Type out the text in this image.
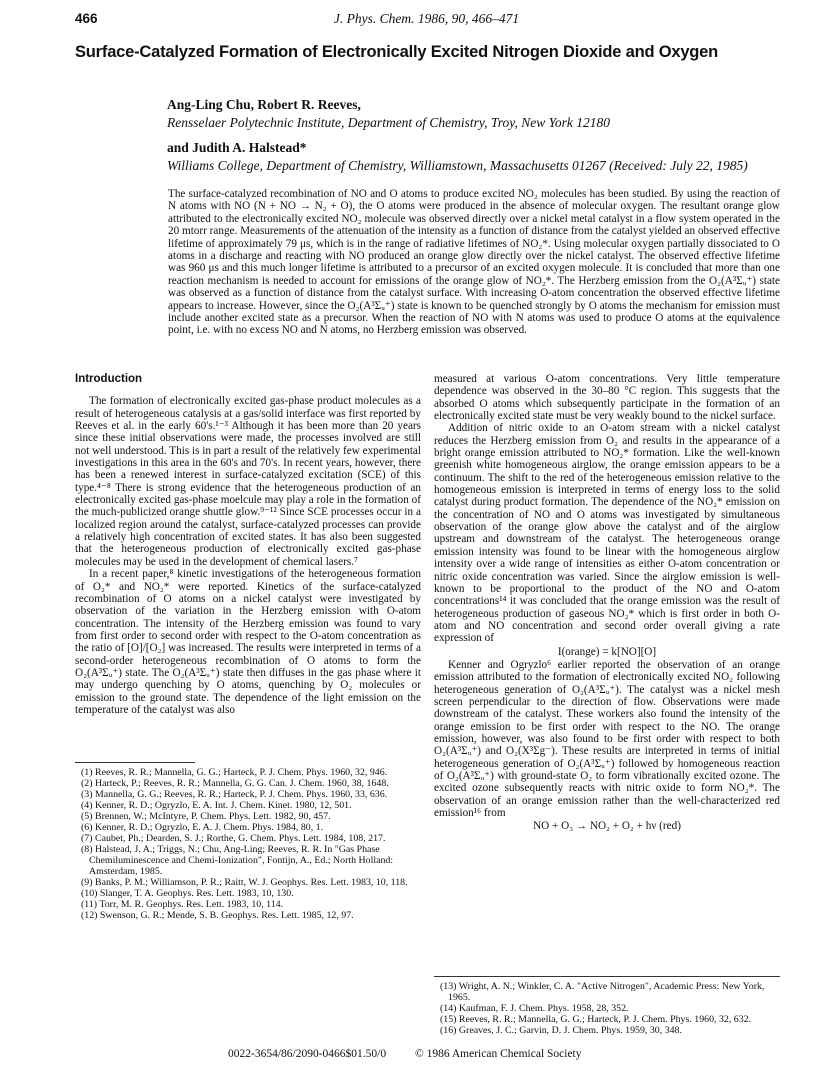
466	J. Phys. Chem. 1986, 90, 466–471
Surface-Catalyzed Formation of Electronically Excited Nitrogen Dioxide and Oxygen
Ang-Ling Chu, Robert R. Reeves,
Rensselaer Polytechnic Institute, Department of Chemistry, Troy, New York 12180
and Judith A. Halstead*
Williams College, Department of Chemistry, Williamstown, Massachusetts 01267 (Received: July 22, 1985)
The surface-catalyzed recombination of NO and O atoms to produce excited NO₂ molecules has been studied. By using the reaction of N atoms with NO (N + NO → N₂ + O), the O atoms were produced in the absence of molecular oxygen. The resultant orange glow attributed to the electronically excited NO₂ molecule was observed directly over a nickel metal catalyst in a flow system operated in the 20 mtorr range. Measurements of the attenuation of the intensity as a function of distance from the catalyst yielded an observed effective lifetime of approximately 79 μs, which is in the range of radiative lifetimes of NO₂*. Using molecular oxygen partially dissociated to O atoms in a discharge and reacting with NO produced an orange glow directly over the nickel catalyst. The observed effective lifetime was 960 μs and this much longer lifetime is attributed to a precursor of an excited oxygen molecule. It is concluded that more than one reaction mechanism is needed to account for emissions of the orange glow of NO₂*. The Herzberg emission from the O₂(A³Σᵤ⁺) state was observed as a function of distance from the catalyst surface. With increasing O-atom concentration the observed effective lifetime appears to increase. However, since the O₂(A³Σᵤ⁺) state is known to be quenched strongly by O atoms the mechanism for emission must include another excited state as a precursor. When the reaction of NO with N atoms was used to produce O atoms at the equivalence point, i.e. with no excess NO and N atoms, no Herzberg emission was observed.
Introduction

The formation of electronically excited gas-phase product molecules as a result of heterogeneous catalysis at a gas/solid interface was first reported by Reeves et al. in the early 60's.¹⁻³ Although it has been more than 20 years since these initial observations were made, the processes involved are still not well understood. This is in part a result of the relatively few experimental investigations in this area in the 60's and 70's. In recent years, however, there has been a renewed interest in surface-catalyzed excitation (SCE) of this type.⁴⁻⁸ There is strong evidence that the heterogeneous production of an electronically excited gas-phase moelcule may play a role in the formation of the much-publicized orange shuttle glow.⁹⁻¹² Since SCE processes occur in a localized region around the catalyst, surface-catalyzed processes can provide a relatively high concentration of excited states. It has also been suggested that the heterogeneous production of electronically excited gas-phase molecules may be used in the development of chemical lasers.⁷

In a recent paper,⁸ kinetic investigations of the heterogeneous formation of O₂* and NO₂* were reported. Kinetics of the surface-catalyzed recombination of O atoms on a nickel catalyst were investigated by observation of the variation in the Herzberg emission with O-atom concentration. The intensity of the Herzberg emission was found to vary from first order to second order with respect to the O-atom concentration as the ratio of [O]/[O₂] was increased. The results were interpreted in terms of a second-order heterogeneous recombination of O atoms to form the O₂(A³Σᵤ⁺) state. The O₂(A³Σᵤ⁺) state then diffuses in the gas phase where it may undergo quenching by O atoms, quenching by O₂ molecules or emission to the ground state. The dependence of the light emission on the temperature of the catalyst was also

(1) Reeves, R. R.; Mannella, G. G.; Harteck, P. J. Chem. Phys. 1960, 32, 946.
(2) Harteck, P.; Reeves, R. R.; Mannella, G. G. Can. J. Chem. 1960, 38, 1648.
(3) Mannella, G. G.; Reeves, R. R.; Harteck, P. J. Chem. Phys. 1960, 33, 636.
(4) Kenner, R. D.; Ogryzlo, E. A. Int. J. Chem. Kinet. 1980, 12, 501.
(5) Brennen, W.; McIntyre, P. Chem. Phys. Lett. 1982, 90, 457.
(6) Kenner, R. D.; Ogryzlo, E. A. J. Chem. Phys. 1984, 80, 1.
(7) Caubet, Ph.; Dearden, S. J.; Rorthe, G. Chem. Phys. Lett. 1984, 108, 217.
(8) Halstead, J. A.; Triggs, N.; Chu, Ang-Ling; Reeves, R. R. In "Gas Phase Chemiluminescence and Chemi-Ionization", Fontijn, A., Ed.; North Holland: Amsterdam, 1985.
(9) Banks, P. M.; Williamson, P. R.; Raitt, W. J. Geophys. Res. Lett. 1983, 10, 118.
(10) Slanger, T. A. Geophys. Res. Lett. 1983, 10, 130.
(11) Torr, M. R. Geophys. Res. Lett. 1983, 10, 114.
(12) Swenson, G. R.; Mende, S. B. Geophys. Res. Lett. 1985, 12, 97.

measured at various O-atom concentrations. Very little temperature dependence was observed in the 30–80 °C region. This suggests that the absorbed O atoms which subsequently participate in the formation of an electronically excited state must be very weakly bound to the nickel surface.

Addition of nitric oxide to an O-atom stream with a nickel catalyst reduces the Herzberg emission from O₂ and results in the appearance of a bright orange emission attributed to NO₂* formation. Like the well-known greenish white homogeneous airglow, the orange emission appears to be a continuum. The shift to the red of the heterogeneous emission relative to the homogeneous emission is interpreted in terms of energy loss to the solid catalyst during product formation. The dependence of the NO₂* emission on the concentration of NO and O atoms was investigated by simultaneous observation of the orange glow above the catalyst and of the airglow upstream and downstream of the catalyst. The heterogeneous orange emission intensity was found to be linear with the homogeneous airglow intensity over a wide range of intensities as either O-atom concentration or nitric oxide concentration was varied. Since the airglow emission is well-known to be proportional to the product of the NO and O-atom concentrations¹⁴ it was concluded that the orange emission was the result of heterogeneous production of gaseous NO₂* which is first order in both O-atom and NO concentration and second order overall giving a rate expression of

I(orange) = k[NO][O]

Kenner and Ogryzlo⁶ earlier reported the observation of an orange emission attributed to the formation of electronically excited NO₂ following heterogeneous generation of O₂(A³Σᵤ⁺). The catalyst was a nickel mesh screen perpendicular to the direction of flow. Observations were made downstream of the catalyst. These workers also found the intensity of the orange emission to be first order with respect to the NO. The orange emission, however, was also found to be first order with respect to both O₂(A³Σᵤ⁺) and O₂(X³Σg⁻). These results are interpreted in terms of initial heterogeneous generation of O₂(A³Σᵤ⁺) followed by homogeneous reaction of O₂(A³Σᵤ⁺) with ground-state O₂ to form vibrationally excited ozone. The excited ozone subsequently reacts with nitric oxide to form NO₂*. The observation of an orange emission rather than the well-characterized red emission¹⁶ from

NO + O₃ → NO₂ + O₂ + hν (red)
(13) Wright, A. N.; Winkler, C. A. "Active Nitrogen", Academic Press: New York, 1965.
(14) Kaufman, F. J. Chem. Phys. 1958, 28, 352.
(15) Reeves, R. R.; Mannella, G. G.; Harteck, P. J. Chem. Phys. 1960, 32, 632.
(16) Greaves, J. C.; Garvin, D. J. Chem. Phys. 1959, 30, 348.
0022-3654/86/2090-0466$01.50/0	© 1986 American Chemical Society
